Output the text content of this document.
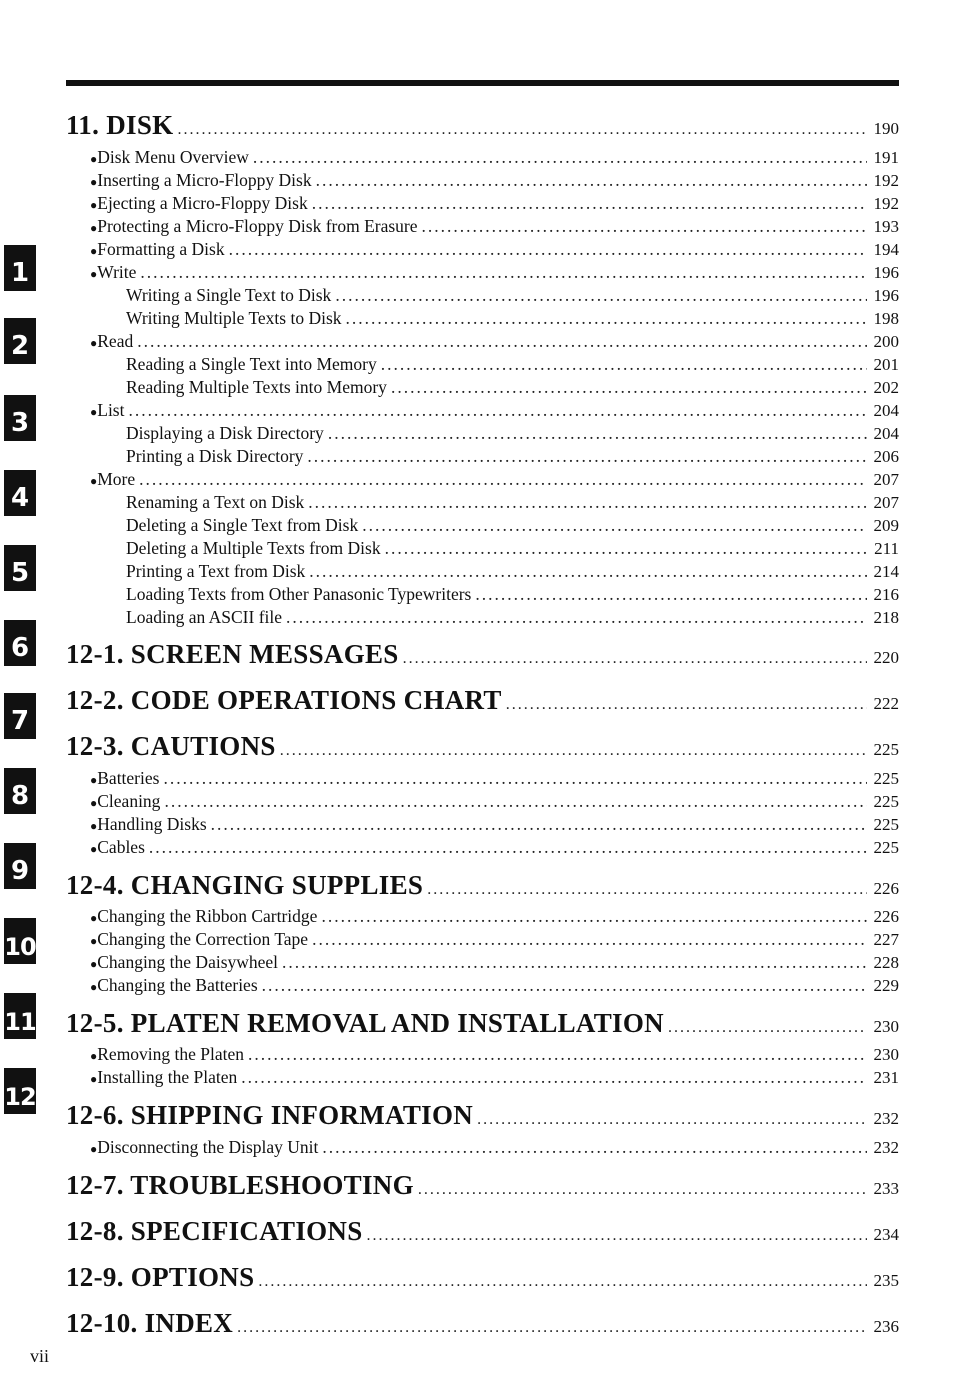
1
2
3
4
5
6
7
8
9
10
11
12
11. DISK .....	190
● Disk Menu Overview .....	191
● Inserting a Micro-Floppy Disk .....	192
● Ejecting a Micro-Floppy Disk .....	192
● Protecting a Micro-Floppy Disk from Erasure .....	193
● Formatting a Disk .....	194
● Write .....	196
Writing a Single Text to Disk .....	196
Writing Multiple Texts to Disk .....	198
● Read .....	200
Reading a Single Text into Memory .....	201
Reading Multiple Texts into Memory .....	202
● List .....	204
Displaying a Disk Directory .....	204
Printing a Disk Directory .....	206
● More .....	207
Renaming a Text on Disk .....	207
Deleting a Single Text from Disk .....	209
Deleting a Multiple Texts from Disk .....	211
Printing a Text from Disk .....	214
Loading Texts from Other Panasonic Typewriters .....	216
Loading an ASCII file .....	218
12-1. SCREEN MESSAGES .....	220
12-2. CODE OPERATIONS CHART .....	222
12-3. CAUTIONS .....	225
● Batteries .....	225
● Cleaning .....	225
● Handling Disks .....	225
● Cables .....	225
12-4. CHANGING SUPPLIES .....	226
● Changing the Ribbon Cartridge .....	226
● Changing the Correction Tape .....	227
● Changing the Daisywheel .....	228
● Changing the Batteries .....	229
12-5. PLATEN REMOVAL AND INSTALLATION .....	230
● Removing the Platen .....	230
● Installing the Platen .....	231
12-6. SHIPPING INFORMATION .....	232
● Disconnecting the Display Unit .....	232
12-7. TROUBLESHOOTING .....	233
12-8. SPECIFICATIONS .....	234
12-9. OPTIONS .....	235
12-10. INDEX .....	236
vii
